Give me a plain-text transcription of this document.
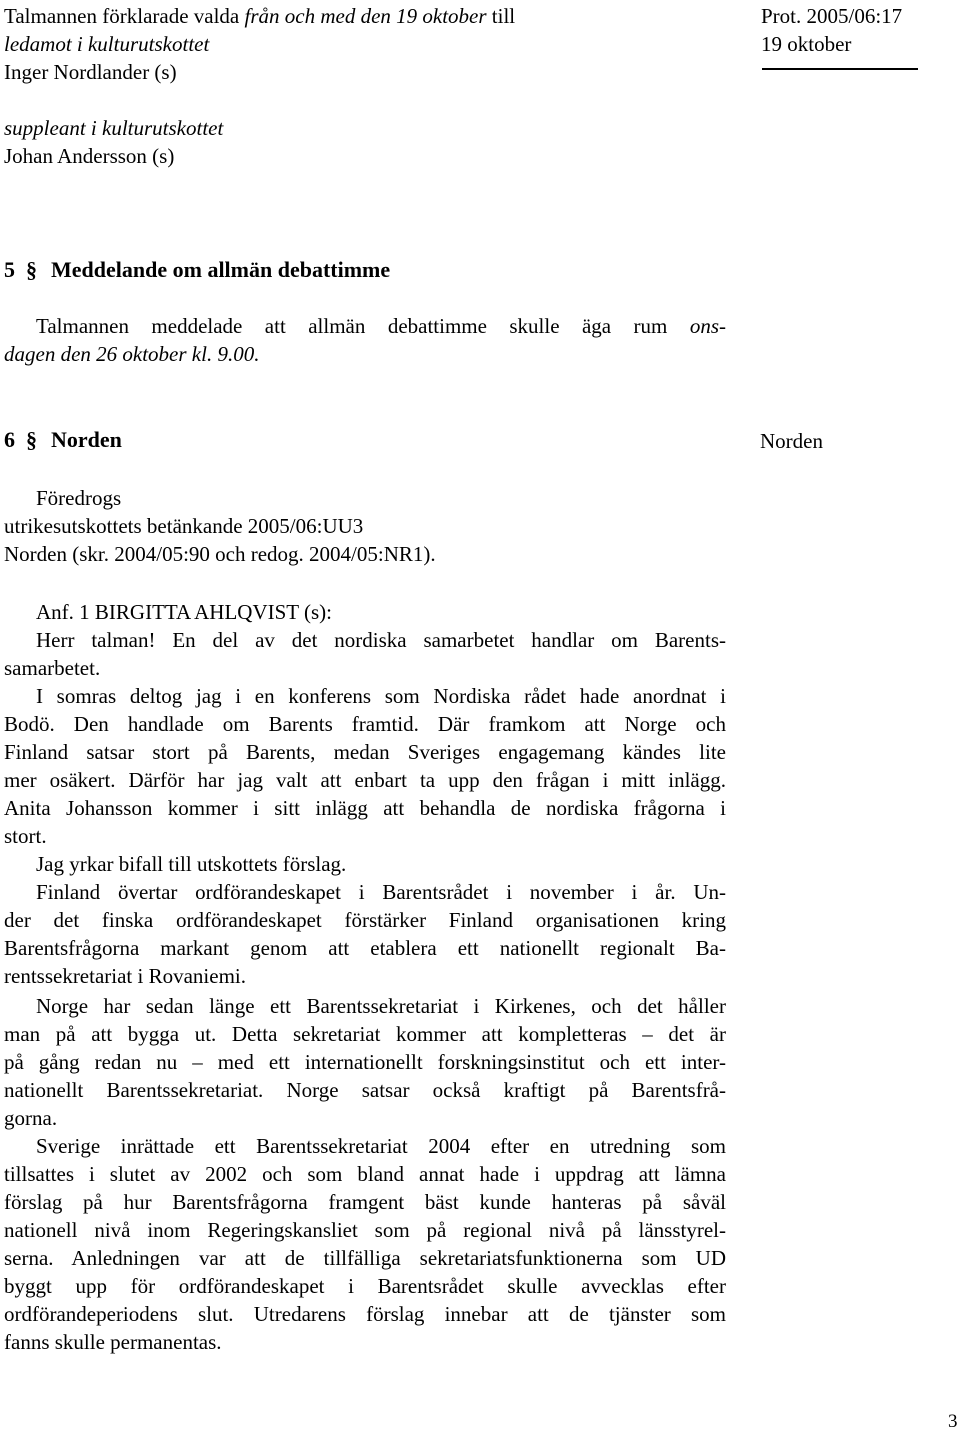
Talmannen förklarade valda från och med den 19 oktober till
ledamot i kulturutskottet
Inger Nordlander (s)
suppleant i kulturutskottet
Johan Andersson (s)
Prot. 2005/06:17
19 oktober
5 § Meddelande om allmän debattimme
Talmannen meddelade att allmän debattimme skulle äga rum ons-
dagen den 26 oktober kl. 9.00.
6 § Norden	Norden
Föredrogs
utrikesutskottets betänkande 2005/06:UU3
Norden (skr. 2004/05:90 och redog. 2004/05:NR1).
Anf. 1 BIRGITTA AHLQVIST (s):
Herr talman! En del av det nordiska samarbetet handlar om Barents-
samarbetet.
I somras deltog jag i en konferens som Nordiska rådet hade anordnat i
Bodö. Den handlade om Barents framtid. Där framkom att Norge och
Finland satsar stort på Barents, medan Sveriges engagemang kändes lite
mer osäkert. Därför har jag valt att enbart ta upp den frågan i mitt inlägg.
Anita Johansson kommer i sitt inlägg att behandla de nordiska frågorna i
stort.
Jag yrkar bifall till utskottets förslag.
Finland övertar ordförandeskapet i Barentsrådet i november i år. Un-
der det finska ordförandeskapet förstärker Finland organisationen kring
Barentsfrågorna markant genom att etablera ett nationellt regionalt Ba-
rentssekretariat i Rovaniemi.
Norge har sedan länge ett Barentssekretariat i Kirkenes, och det håller
man på att bygga ut. Detta sekretariat kommer att kompletteras – det är
på gång redan nu – med ett internationellt forskningsinstitut och ett inter-
nationellt Barentssekretariat. Norge satsar också kraftigt på Barentsfrå-
gorna.
Sverige inrättade ett Barentssekretariat 2004 efter en utredning som
tillsattes i slutet av 2002 och som bland annat hade i uppdrag att lämna
förslag på hur Barentsfrågorna framgent bäst kunde hanteras på såväl
nationell nivå inom Regeringskansliet som på regional nivå på länsstyrel-
serna. Anledningen var att de tillfälliga sekretariatsfunktionerna som UD
byggt upp för ordförandeskapet i Barentsrådet skulle avvecklas efter
ordförandeperiodens slut. Utredarens förslag innebar att de tjänster som
fanns skulle permanentas.
3
